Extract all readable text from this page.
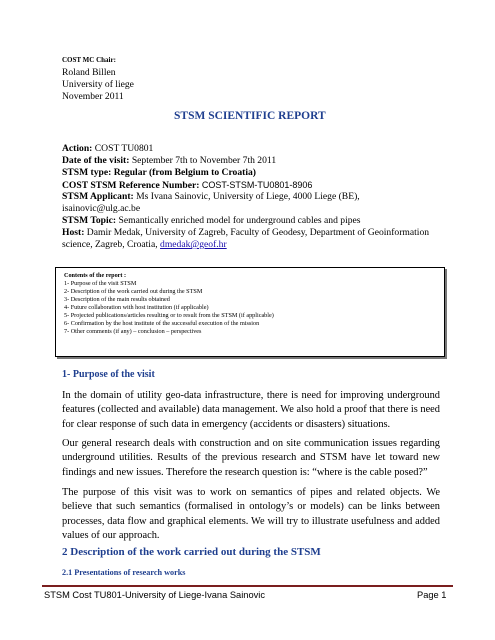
COST MC Chair:
Roland Billen
University of liege
November 2011
STSM SCIENTIFIC REPORT
Action: COST TU0801
Date of the visit: September 7th to November 7th 2011
STSM type: Regular (from Belgium to Croatia)
COST STSM Reference Number: COST-STSM-TU0801-8906
STSM Applicant: Ms Ivana Sainovic, University of Liege, 4000 Liege (BE),
isainovic@ulg.ac.be
STSM Topic: Semantically enriched model for underground cables and pipes
Host: Damir Medak, University of Zagreb, Faculty of Geodesy, Department of Geoinformation
science, Zagreb, Croatia, dmedak@geof.hr
Contents of the report :
1- Purpose of the visit STSM
2- Description of the work carried out during the STSM
3- Description of the main results obtained
4- Future collaboration with host institution (if applicable)
5- Projected publications/articles resulting or to result from the STSM (if applicable)
6- Confirmation by the host institute of the successful execution of the mission
7- Other comments (if any) – conclusion – perspectives
1- Purpose of the visit
In the domain of utility geo-data infrastructure, there is need for improving underground features (collected and available) data management. We also hold a proof that there is need for clear response of such data in emergency (accidents or disasters) situations.
Our general research deals with construction and on site communication issues regarding underground utilities. Results of the previous research and STSM have let toward new findings and new issues. Therefore the research question is: “where is the cable posed?”
The purpose of this visit was to work on semantics of pipes and related objects. We believe that such semantics (formalised in ontology’s or models) can be links between processes, data flow and graphical elements. We will try to illustrate usefulness and added values of our approach.
2 Description of the work carried out during the STSM
2.1 Presentations of research works
STSM Cost TU801-University of Liege-Ivana Sainovic	Page 1
